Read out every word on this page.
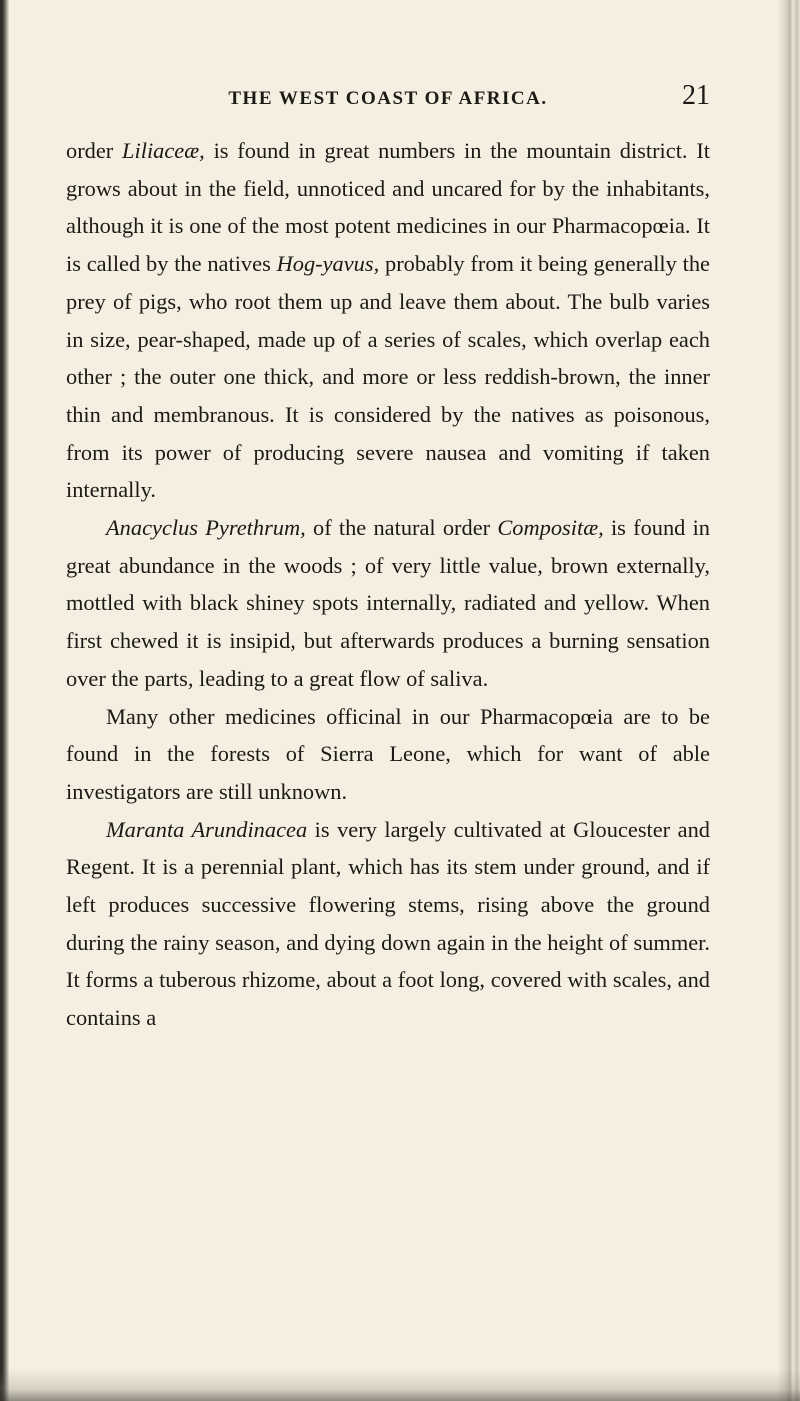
THE WEST COAST OF AFRICA.	21

order Liliaceæ, is found in great numbers in the mountain district. It grows about in the field, unnoticed and uncared for by the inhabitants, although it is one of the most potent medicines in our Pharmacopœia. It is called by the natives Hog-yavus, probably from it being generally the prey of pigs, who root them up and leave them about. The bulb varies in size, pear-shaped, made up of a series of scales, which overlap each other ; the outer one thick, and more or less reddish-brown, the inner thin and membranous. It is considered by the natives as poisonous, from its power of producing severe nausea and vomiting if taken internally.

Anacyclus Pyrethrum, of the natural order Compositæ, is found in great abundance in the woods ; of very little value, brown externally, mottled with black shiney spots internally, radiated and yellow. When first chewed it is insipid, but afterwards produces a burning sensation over the parts, leading to a great flow of saliva.

Many other medicines officinal in our Pharmacopœia are to be found in the forests of Sierra Leone, which for want of able investigators are still unknown.

Maranta Arundinacea is very largely cultivated at Gloucester and Regent. It is a perennial plant, which has its stem under ground, and if left produces successive flowering stems, rising above the ground during the rainy season, and dying down again in the height of summer. It forms a tuberous rhizome, about a foot long, covered with scales, and contains a
